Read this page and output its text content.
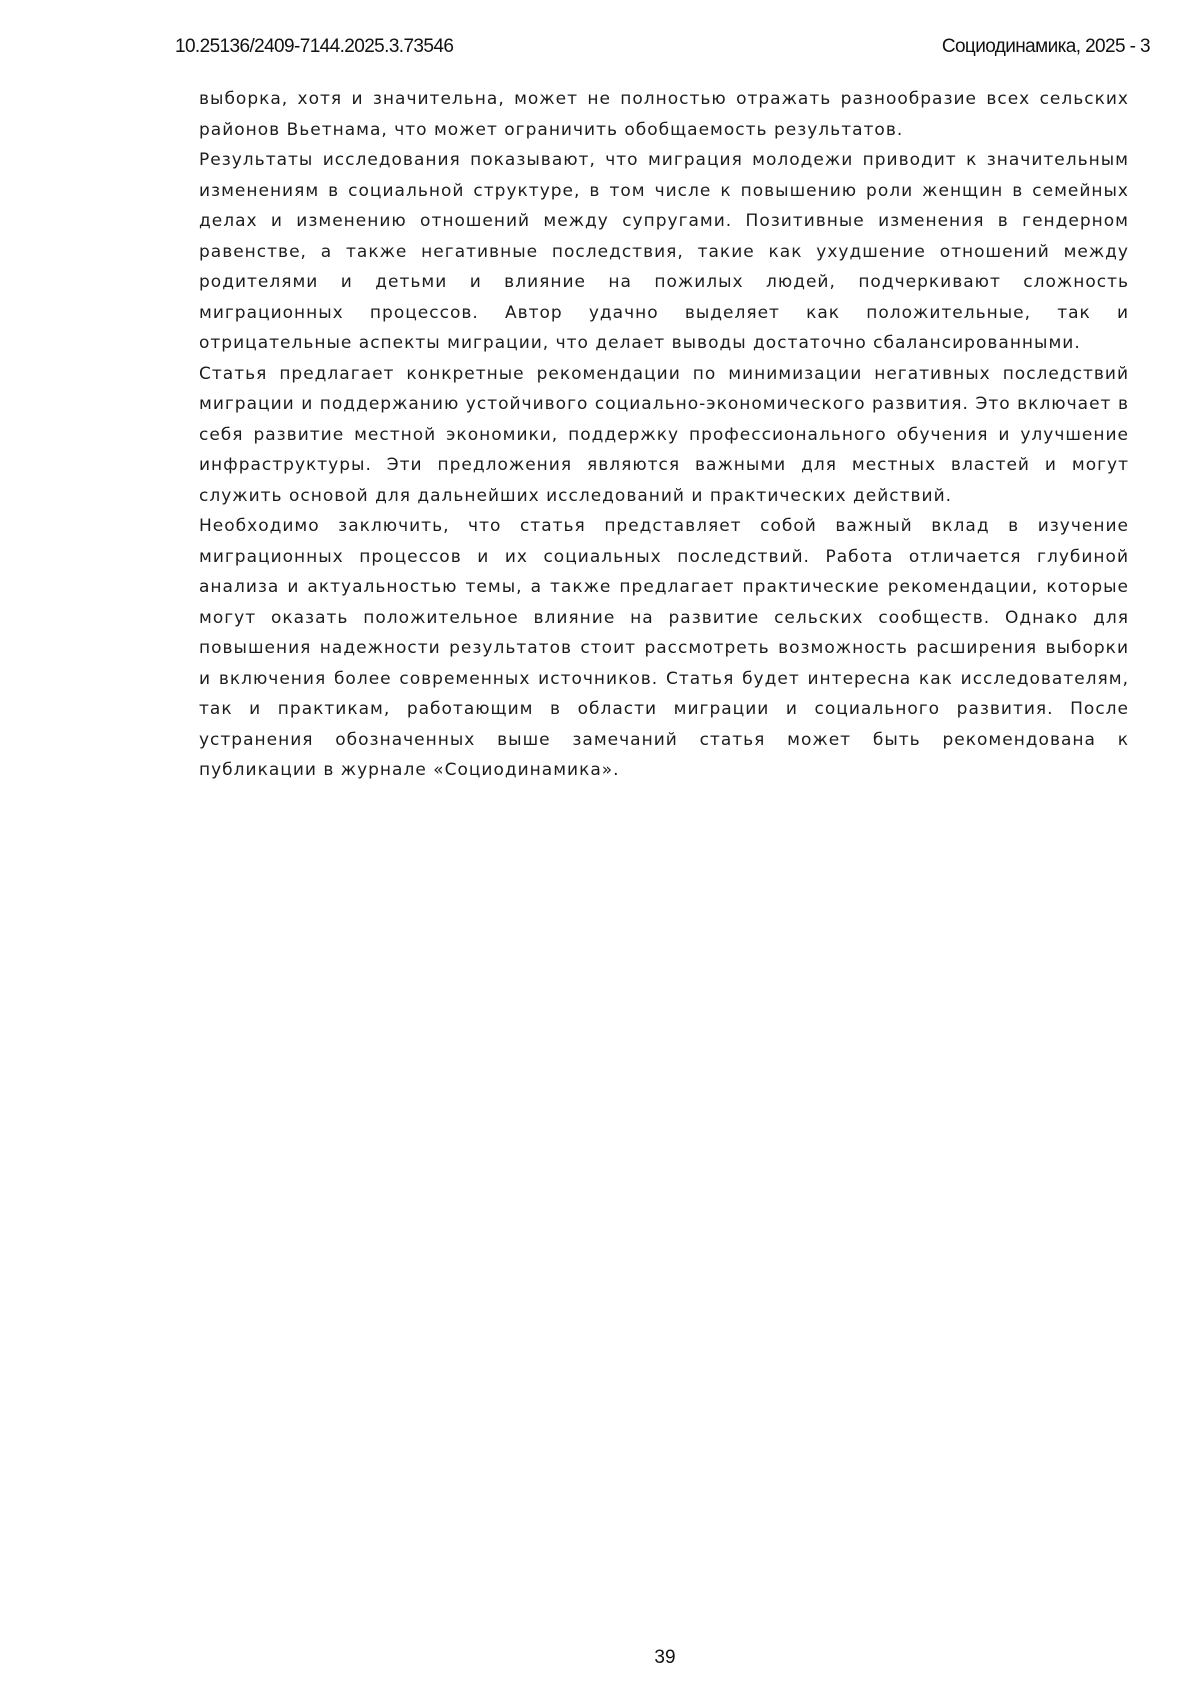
10.25136/2409-7144.2025.3.73546	Социодинамика, 2025 - 3

выборка, хотя и значительна, может не полностью отражать разнообразие всех сельских районов Вьетнама, что может ограничить обобщаемость результатов.

Результаты исследования показывают, что миграция молодежи приводит к значительным изменениям в социальной структуре, в том числе к повышению роли женщин в семейных делах и изменению отношений между супругами. Позитивные изменения в гендерном равенстве, а также негативные последствия, такие как ухудшение отношений между родителями и детьми и влияние на пожилых людей, подчеркивают сложность миграционных процессов. Автор удачно выделяет как положительные, так и отрицательные аспекты миграции, что делает выводы достаточно сбалансированными.

Статья предлагает конкретные рекомендации по минимизации негативных последствий миграции и поддержанию устойчивого социально-экономического развития. Это включает в себя развитие местной экономики, поддержку профессионального обучения и улучшение инфраструктуры. Эти предложения являются важными для местных властей и могут служить основой для дальнейших исследований и практических действий.

Необходимо заключить, что статья представляет собой важный вклад в изучение миграционных процессов и их социальных последствий. Работа отличается глубиной анализа и актуальностью темы, а также предлагает практические рекомендации, которые могут оказать положительное влияние на развитие сельских сообществ. Однако для повышения надежности результатов стоит рассмотреть возможность расширения выборки и включения более современных источников. Статья будет интересна как исследователям, так и практикам, работающим в области миграции и социального развития. После устранения обозначенных выше замечаний статья может быть рекомендована к публикации в журнале «Социодинамика».

39
